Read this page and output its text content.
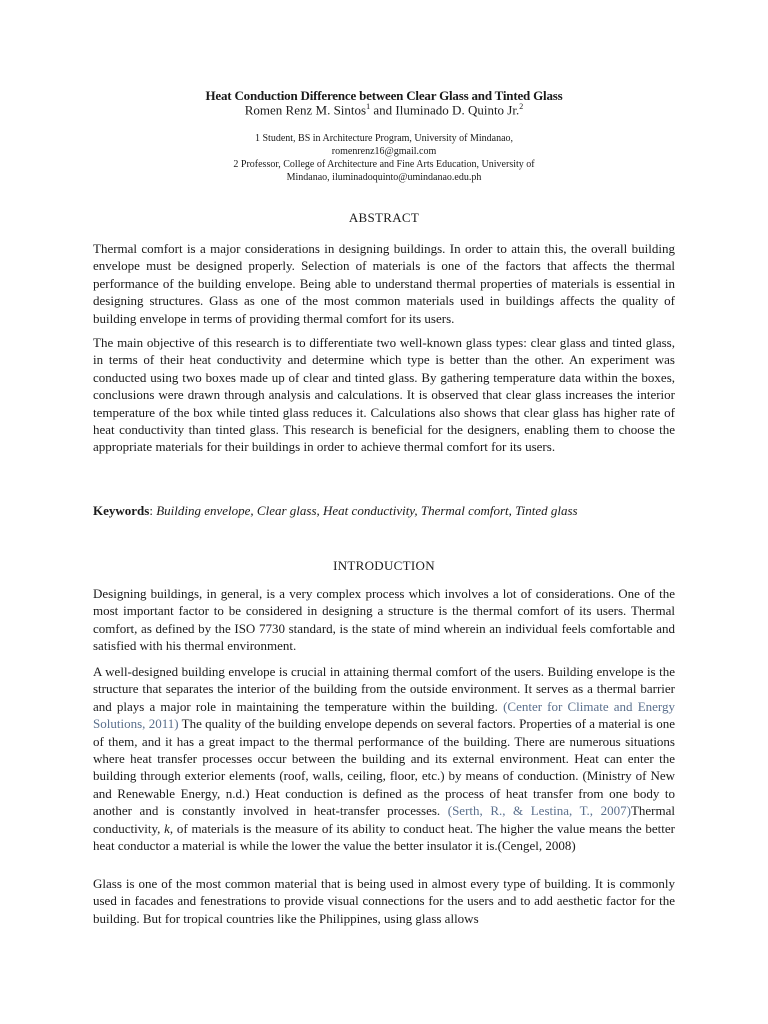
Heat Conduction Difference between Clear Glass and Tinted Glass
Romen Renz M. Sintos$^1$ and Iluminado D. Quinto Jr.$^2$
1 Student, BS in Architecture Program, University of Mindanao,
romenrenz16@gmail.com
2 Professor, College of Architecture and Fine Arts Education, University of
Mindanao, iluminadoquinto@umindanao.edu.ph
ABSTRACT

Thermal comfort is a major considerations in designing buildings. In order to attain this, the overall building envelope must be designed properly. Selection of materials is one of the factors that affects the thermal performance of the building envelope. Being able to understand thermal properties of materials is essential in designing structures. Glass as one of the most common materials used in buildings affects the quality of building envelope in terms of providing thermal comfort for its users.

The main objective of this research is to differentiate two well-known glass types: clear glass and tinted glass, in terms of their heat conductivity and determine which type is better than the other. An experiment was conducted using two boxes made up of clear and tinted glass. By gathering temperature data within the boxes, conclusions were drawn through analysis and calculations. It is observed that clear glass increases the interior temperature of the box while tinted glass reduces it. Calculations also shows that clear glass has higher rate of heat conductivity than tinted glass. This research is beneficial for the designers, enabling them to choose the appropriate materials for their buildings in order to achieve thermal comfort for its users.

Keywords: Building envelope, Clear glass, Heat conductivity, Thermal comfort, Tinted glass

INTRODUCTION

Designing buildings, in general, is a very complex process which involves a lot of considerations. One of the most important factor to be considered in designing a structure is the thermal comfort of its users. Thermal comfort, as defined by the ISO 7730 standard, is the state of mind wherein an individual feels comfortable and satisfied with his thermal environment.

A well-designed building envelope is crucial in attaining thermal comfort of the users. Building envelope is the structure that separates the interior of the building from the outside environment. It serves as a thermal barrier and plays a major role in maintaining the temperature within the building. (Center for Climate and Energy Solutions, 2011) The quality of the building envelope depends on several factors. Properties of a material is one of them, and it has a great impact to the thermal performance of the building. There are numerous situations where heat transfer processes occur between the building and its external environment. Heat can enter the building through exterior elements (roof, walls, ceiling, floor, etc.) by means of conduction. (Ministry of New and Renewable Energy, n.d.) Heat conduction is defined as the process of heat transfer from one body to another and is constantly involved in heat-transfer processes. (Serth, R., & Lestina, T., 2007)Thermal conductivity, k, of materials is the measure of its ability to conduct heat. The higher the value means the better heat conductor a material is while the lower the value the better insulator it is.(Cengel, 2008)

Glass is one of the most common material that is being used in almost every type of building. It is commonly used in facades and fenestrations to provide visual connections for the users and to add aesthetic factor for the building. But for tropical countries like the Philippines, using glass allows
